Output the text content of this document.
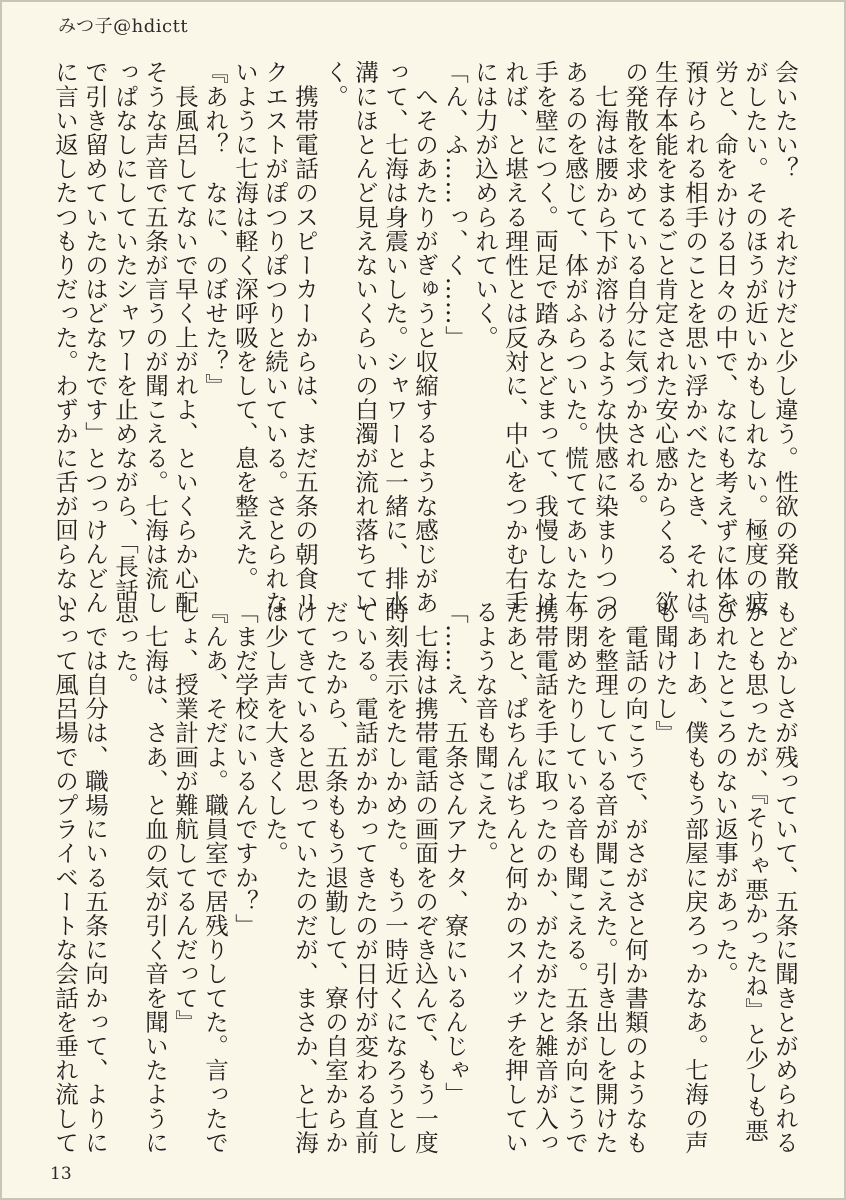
みつ子@hdictt

会いたい？　それだけだと少し違う。性欲の発散

がしたい。そのほうが近いかもしれない。極度の疲

労と、命をかける日々の中で、なにも考えずに体を

預けられる相手のことを思い浮かべたとき、それは

生存本能をまるごと肯定された安心感からくる、欲

の発散を求めている自分に気づかされる。

　七海は腰から下が溶けるような快感に染まりつつ

あるのを感じて、体がふらついた。慌ててあいた左

手を壁につく。両足で踏みとどまって、我慢しなけ

れば、と堪える理性とは反対に、中心をつかむ右手

には力が込められていく。

「ん、ふ……っ、く……」

　へそのあたりがぎゅうと収縮するような感じがあ

って、七海は身震いした。シャワーと一緒に、排水

溝にほとんど見えないくらいの白濁が流れ落ちてい

く。

　携帯電話のスピーカーからは、まだ五条の朝食リ

クエストがぽつりぽつりと続いている。さとられな

いように七海は軽く深呼吸をして、息を整えた。

『あれ？　なに、のぼせた？』

　長風呂してないで早く上がれよ、といくらか心配

そうな声音で五条が言うのが聞こえる。七海は流し

っぱなしにしていたシャワーを止めながら、「長話

で引き留めていたのはどなたです」とつっけんどん

に言い返したつもりだった。わずかに舌が回らない

もどかしさが残っていて、五条に聞きとがめられる

かとも思ったが、『そりゃ悪かったね』と少しも悪

びれたところのない返事があった。

『あーあ、僕ももう部屋に戻ろっかなあ。七海の声

も聞けたし』

　電話の向こうで、がさがさと何か書類のようなも

のを整理している音が聞こえた。引き出しを開けた

り閉めたりしている音も聞こえる。五条が向こうで

携帯電話を手に取ったのか、がたがたと雑音が入っ

たあと、ぱちんぱちんと何かのスイッチを押してい

るような音も聞こえた。

「……え、五条さんアナタ、寮にいるんじゃ」

　七海は携帯電話の画面をのぞき込んで、もう一度

時刻表示をたしかめた。もう一時近くになろうとし

ている。電話がかかってきたのが日付が変わる直前

だったから、五条ももう退勤して、寮の自室からか

けてきていると思っていたのだが、まさか、と七海

は少し声を大きくした。

「まだ学校にいるんですか？」

『んあ、そだよ。職員室で居残りしてた。言ったで

しょ、授業計画が難航してるんだって』

　七海は、さあ、と血の気が引く音を聞いたように

思った。

　では自分は、職場にいる五条に向かって、よりに

よって風呂場でのプライベートな会話を垂れ流して

13
